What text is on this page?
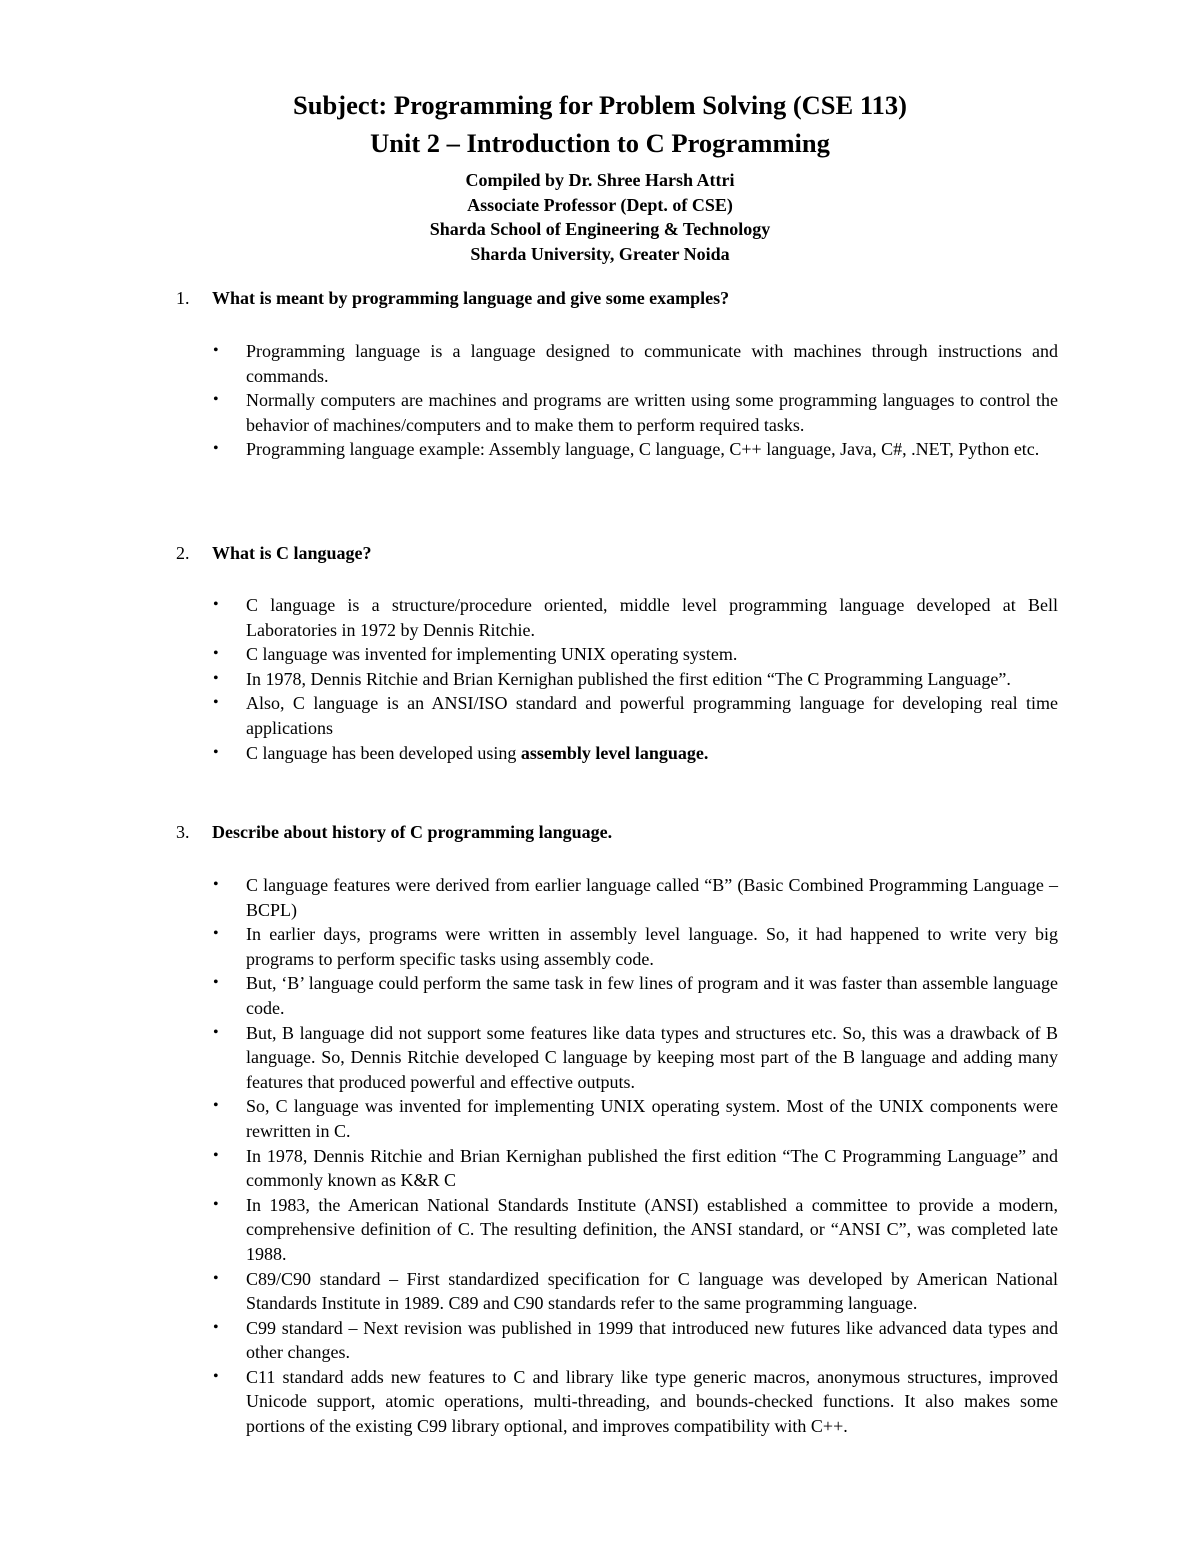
Subject: Programming for Problem Solving (CSE 113)

Unit 2 – Introduction to C Programming

Compiled by Dr. Shree Harsh Attri

Associate Professor (Dept. of CSE)

Sharda School of Engineering & Technology

Sharda University, Greater Noida

1. What is meant by programming language and give some examples?
• Programming language is a language designed to communicate with machines through instructions and commands.
• Normally computers are machines and programs are written using some programming languages to control the behavior of machines/computers and to make them to perform required tasks.
• Programming language example: Assembly language, C language, C++ language, Java, C#, .NET, Python etc.
2. What is C language?
• C language is a structure/procedure oriented, middle level programming language developed at Bell Laboratories in 1972 by Dennis Ritchie.
• C language was invented for implementing UNIX operating system.
• In 1978, Dennis Ritchie and Brian Kernighan published the first edition “The C Programming Language”.
• Also, C language is an ANSI/ISO standard and powerful programming language for developing real time applications
• C language has been developed using assembly level language.
3. Describe about history of C programming language.
• C language features were derived from earlier language called “B” (Basic Combined Programming Language – BCPL)
• In earlier days, programs were written in assembly level language. So, it had happened to write very big programs to perform specific tasks using assembly code.
• But, ‘B’ language could perform the same task in few lines of program and it was faster than assemble language code.
• But, B language did not support some features like data types and structures etc. So, this was a drawback of B language. So, Dennis Ritchie developed C language by keeping most part of the B language and adding many features that produced powerful and effective outputs.
• So, C language was invented for implementing UNIX operating system. Most of the UNIX components were rewritten in C.
• In 1978, Dennis Ritchie and Brian Kernighan published the first edition “The C Programming Language” and commonly known as K&R C
• In 1983, the American National Standards Institute (ANSI) established a committee to provide a modern, comprehensive definition of C. The resulting definition, the ANSI standard, or “ANSI C”, was completed late 1988.
• C89/C90 standard – First standardized specification for C language was developed by American National Standards Institute in 1989. C89 and C90 standards refer to the same programming language.
• C99 standard – Next revision was published in 1999 that introduced new futures like advanced data types and other changes.
• C11 standard adds new features to C and library like type generic macros, anonymous structures, improved Unicode support, atomic operations, multi-threading, and bounds-checked functions. It also makes some portions of the existing C99 library optional, and improves compatibility with C++.
